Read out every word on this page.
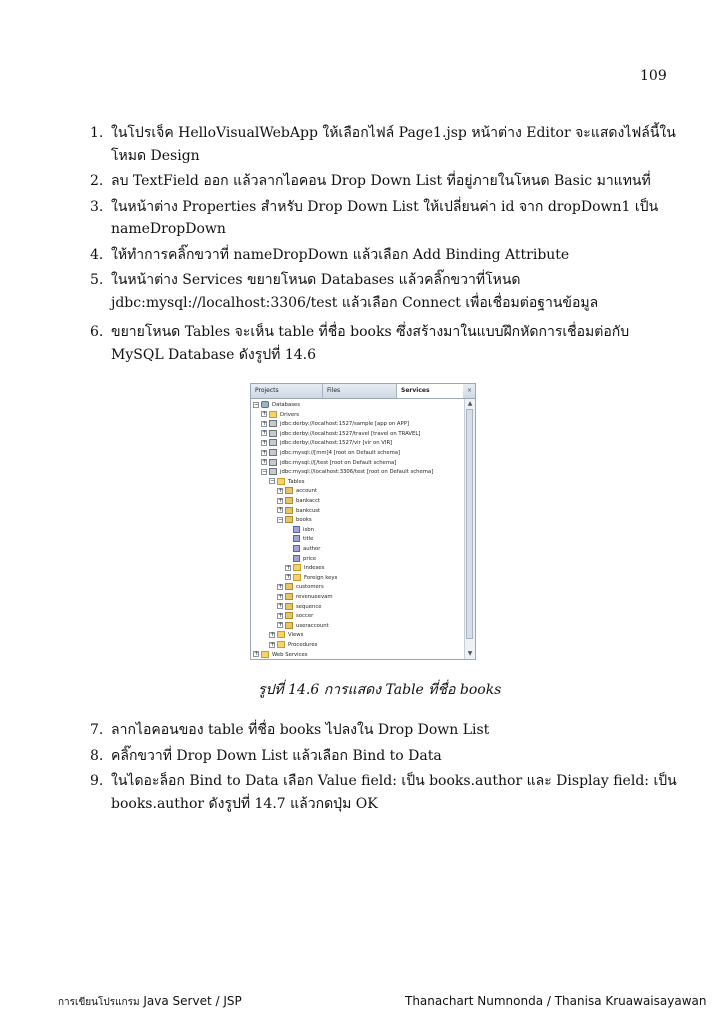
109
1. ในโปรเจ็ค HelloVisualWebApp ให้เลือกไฟล์ Page1.jsp หน้าต่าง Editor จะแสดงไฟล์นี้ในโหมด Design
2. ลบ TextField ออก แล้วลากไอคอน Drop Down List ที่อยู่ภายในโหนด Basic มาแทนที่
3. ในหน้าต่าง Properties สำหรับ Drop Down List ให้เปลี่ยนค่า id จาก dropDown1 เป็น nameDropDown
4. ให้ทำการคลิ๊กขวาที่ nameDropDown แล้วเลือก Add Binding Attribute
5. ในหน้าต่าง Services ขยายโหนด Databases แล้วคลิ๊กขวาที่โหนด jdbc:mysql://localhost:3306/test แล้วเลือก Connect เพื่อเชื่อมต่อฐานข้อมูล
6. ขยายโหนด Tables จะเห็น table ที่ชื่อ books ซึ่งสร้างมาในแบบฝึกหัดการเชื่อมต่อกับ MySQL Database ดังรูปที่ 14.6
Projects	Files	Services	×
− Databases
+ Drivers
+ jdbc:derby://localhost:1527/sample [app on APP]
+ jdbc:derby://localhost:1527/travel [travel on TRAVEL]
+ jdbc:derby://localhost:1527/vir [vir on VIR]
+ jdbc:mysql://[mm]4 [root on Default schema]
+ jdbc:mysql://[/test [root on Default schema]
− jdbc:mysql://localhost:3306/test [root on Default schema]
− Tables
+ account
+ bankacct
+ bankcust
− books
isbn
title
author
price
+ Indexes
+ Foreign keys
+ customers
+ revenueevam
+ sequence
+ soccer
+ useraccount
+ Views
+ Procedures
+ Web Services
▲
▼
รูปที่ 14.6 การแสดง Table ที่ชื่อ books
7. ลากไอคอนของ table ที่ชื่อ books ไปลงใน Drop Down List
8. คลิ๊กขวาที่ Drop Down List แล้วเลือก Bind to Data
9. ในไดอะล็อก Bind to Data เลือก Value field: เป็น books.author และ Display field: เป็น books.author ดังรูปที่ 14.7 แล้วกดปุ่ม OK
การเขียนโปรแกรม Java Servet / JSP	Thanachart Numnonda / Thanisa Kruawaisayawan
